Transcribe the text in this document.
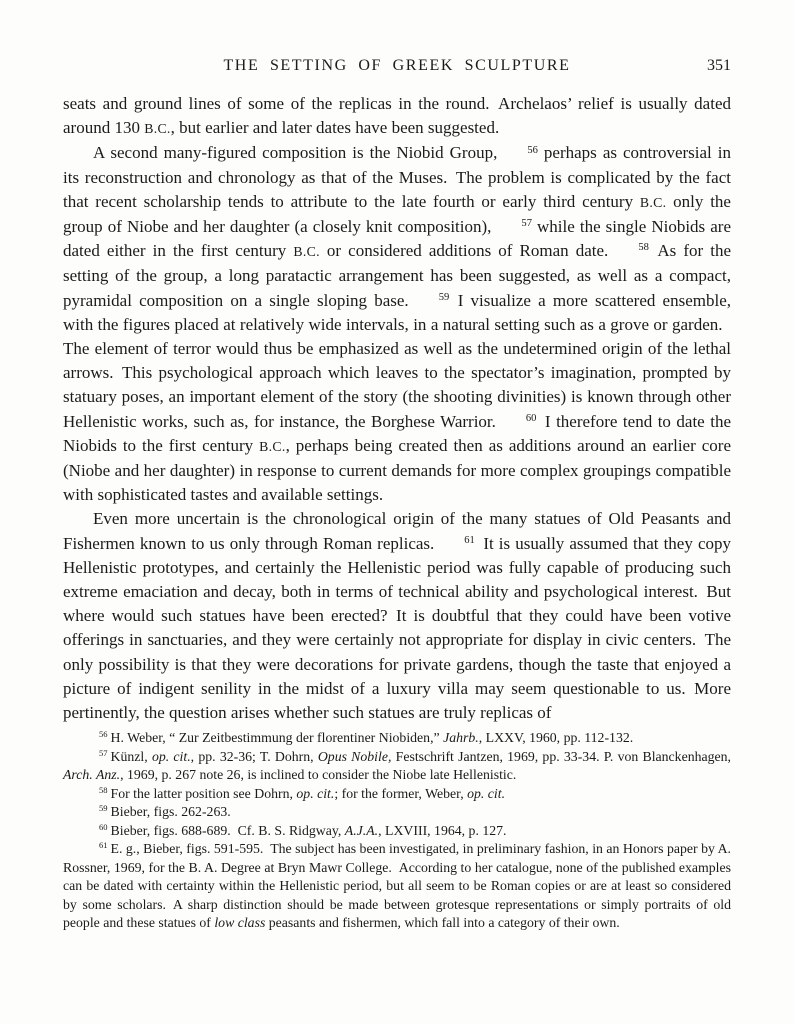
THE SETTING OF GREEK SCULPTURE	351

seats and ground lines of some of the replicas in the round. Archelaos’ relief is usually dated around 130 B.C., but earlier and later dates have been suggested.

A second many-figured composition is the Niobid Group,	56 perhaps as controversial in its reconstruction and chronology as that of the Muses. The problem is complicated by the fact that recent scholarship tends to attribute to the late fourth or early third century B.C. only the group of Niobe and her daughter (a closely knit composition),	57 while the single Niobids are dated either in the first century B.C. or considered additions of Roman date.	58 As for the setting of the group, a long paratactic arrangement has been suggested, as well as a compact, pyramidal composition on a single sloping base.	59 I visualize a more scattered ensemble, with the figures placed at relatively wide intervals, in a natural setting such as a grove or garden. The element of terror would thus be emphasized as well as the undetermined origin of the lethal arrows. This psychological approach which leaves to the spectator’s imagination, prompted by statuary poses, an important element of the story (the shooting divinities) is known through other Hellenistic works, such as, for instance, the Borghese Warrior.	60 I therefore tend to date the Niobids to the first century B.C., perhaps being created then as additions around an earlier core (Niobe and her daughter) in response to current demands for more complex groupings compatible with sophisticated tastes and available settings.

Even more uncertain is the chronological origin of the many statues of Old Peasants and Fishermen known to us only through Roman replicas.	61 It is usually assumed that they copy Hellenistic prototypes, and certainly the Hellenistic period was fully capable of producing such extreme emaciation and decay, both in terms of technical ability and psychological interest. But where would such statues have been erected? It is doubtful that they could have been votive offerings in sanctuaries, and they were certainly not appropriate for display in civic centers. The only possibility is that they were decorations for private gardens, though the taste that enjoyed a picture of indigent senility in the midst of a luxury villa may seem questionable to us. More pertinently, the question arises whether such statues are truly replicas of

56 H. Weber, “ Zur Zeitbestimmung der florentiner Niobiden,” Jahrb., LXXV, 1960, pp. 112-132.

57 Künzl, op. cit., pp. 32-36; T. Dohrn, Opus Nobile, Festschrift Jantzen, 1969, pp. 33-34. P. von Blanckenhagen, Arch. Anz., 1969, p. 267 note 26, is inclined to consider the Niobe late Hellenistic.

58 For the latter position see Dohrn, op. cit.; for the former, Weber, op. cit.

59 Bieber, figs. 262-263.

60 Bieber, figs. 688-689. Cf. B. S. Ridgway, A.J.A., LXVIII, 1964, p. 127.

61 E. g., Bieber, figs. 591-595. The subject has been investigated, in preliminary fashion, in an Honors paper by A. Rossner, 1969, for the B. A. Degree at Bryn Mawr College. According to her catalogue, none of the published examples can be dated with certainty within the Hellenistic period, but all seem to be Roman copies or are at least so considered by some scholars. A sharp distinction should be made between grotesque representations or simply portraits of old people and these statues of low class peasants and fishermen, which fall into a category of their own.
